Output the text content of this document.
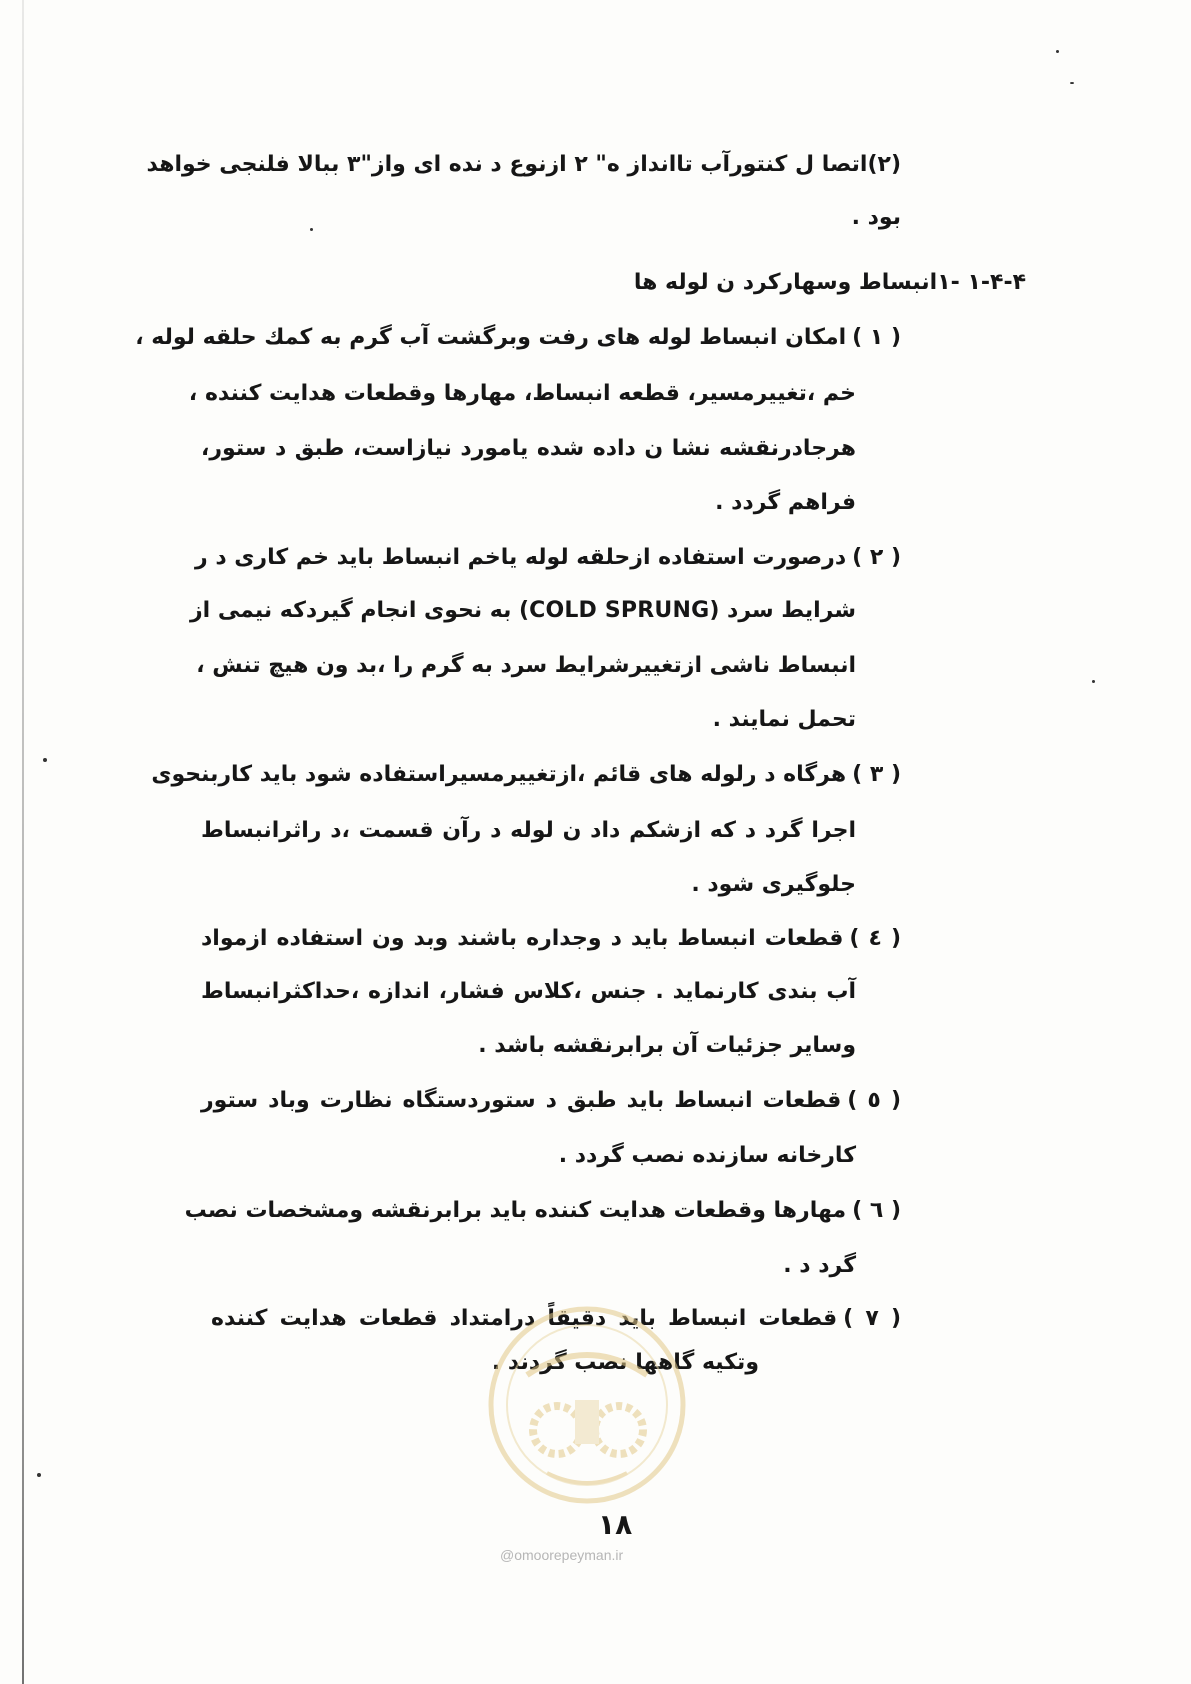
(۲)اتصا ل کنتورآب تاانداز ه" ۲ ازنوع د نده ای واز"۳ ببالا فلنجی خواهد
بود .
۱-۴-۴ -۱انبساط وسهارکرد ن لوله ها
( ۱ )امکان انبساط لوله های رفت وبرگشت آب گرم به کمك حلقه لوله ،
خم ،تغییرمسیر، قطعه انبساط، مهارها وقطعات هدایت کننده ،
هرجادرنقشه نشا ن داده شده یامورد نیازاست، طبق د ستور،
فراهم گردد .
( ۲ )درصورت استفاده ازحلقه لوله یاخم انبساط باید خم کاری د ر
شرایط سرد (COLD SPRUNG) به نحوی انجام گیردکه نیمی از
انبساط ناشی ازتغییرشرایط سرد به گرم را ،بد ون هیچ تنش ،
تحمل نمایند .
( ۳ )هرگاه د رلوله های قائم ،ازتغییرمسیراستفاده شود باید کاربنحوی
اجرا گرد د که ازشکم داد ن لوله د رآن قسمت ،د راثرانبساط
جلوگیری شود .
( ٤ )قطعات انبساط باید د وجداره باشند وبد ون استفاده ازمواد
آب بندی کارنماید . جنس ،کلاس فشار، اندازه ،حداکثرانبساط
وسایر جزئیات آن برابرنقشه باشد .
( ٥ )قطعات انبساط باید طبق د ستوردستگاه نظارت وباد ستور
کارخانه سازنده نصب گردد .
( ٦ )مهارها وقطعات هدایت کننده باید برابرنقشه ومشخصات نصب
گرد د .
( ۷ )قطعات انبساط باید دقیقاً درامتداد قطعات هدایت کننده
وتکیه گاهها نصب گردند .
۱۸
@omoorepeyman.ir
